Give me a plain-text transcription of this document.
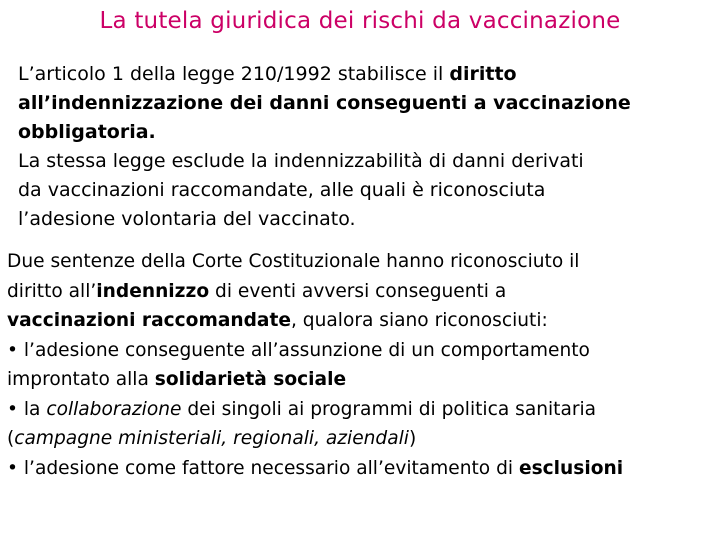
La tutela giuridica dei rischi da vaccinazione
L’articolo 1 della legge 210/1992 stabilisce il diritto
all’indennizzazione dei danni conseguenti a vaccinazione
obbligatoria.
La stessa legge esclude la indennizzabilità di danni derivati
da vaccinazioni raccomandate, alle quali è riconosciuta
l’adesione volontaria del vaccinato.
Due sentenze della Corte Costituzionale hanno riconosciuto il
diritto all’indennizzo di eventi avversi conseguenti a
vaccinazioni raccomandate, qualora siano riconosciuti:
• l’adesione conseguente all’assunzione di un comportamento
improntato alla solidarietà sociale
• la collaborazione dei singoli ai programmi di politica sanitaria
(campagne ministeriali, regionali, aziendali)
• l’adesione come fattore necessario all’evitamento di esclusioni
